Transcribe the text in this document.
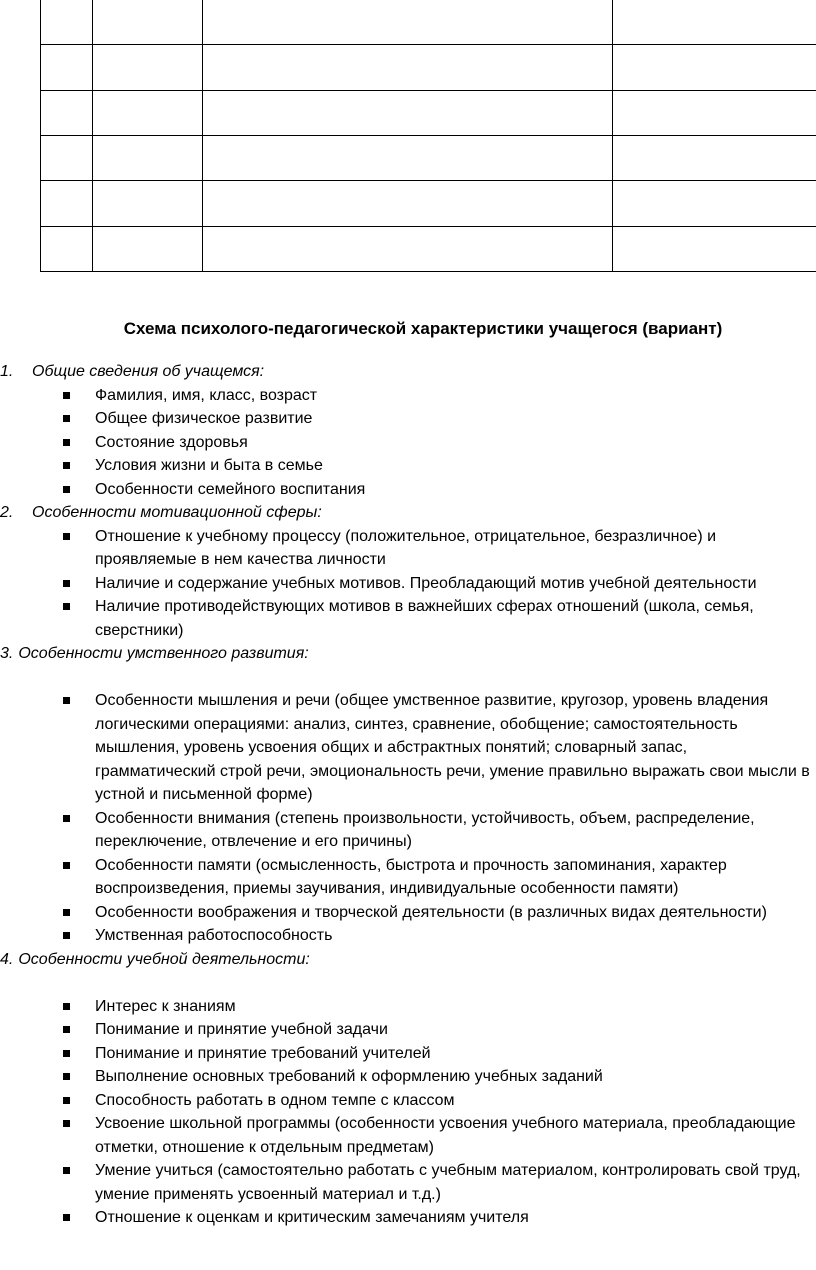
Схема психолого-педагогической характеристики учащегося (вариант)

1. Общие сведения об учащемся:

Фамилия, имя, класс, возраст
Общее физическое развитие
Состояние здоровья
Условия жизни и быта в семье
Особенности семейного воспитания

2. Особенности мотивационной сферы:

Отношение к учебному процессу (положительное, отрицательное, безразличное) и проявляемые в нем качества личности
Наличие и содержание учебных мотивов. Преобладающий мотив учебной деятельности
Наличие противодействующих мотивов в важнейших сферах отношений (школа, семья, сверстники)

3. Особенности умственного развития:

Особенности мышления и речи (общее умственное развитие, кругозор, уровень владения логическими операциями: анализ, синтез, сравнение, обобщение; самостоятельность мышления, уровень усвоения общих и абстрактных понятий; словарный запас, грамматический строй речи, эмоциональность речи, умение правильно выражать свои мысли в устной и письменной форме)
Особенности внимания (степень произвольности, устойчивость, объем, распределение, переключение, отвлечение и его причины)
Особенности памяти (осмысленность, быстрота и прочность запоминания, характер воспроизведения, приемы заучивания, индивидуальные особенности памяти)
Особенности воображения и творческой деятельности (в различных видах деятельности)
Умственная работоспособность

4. Особенности учебной деятельности:

Интерес к знаниям
Понимание и принятие учебной задачи
Понимание и принятие требований учителей
Выполнение основных требований к оформлению учебных заданий
Способность работать в одном темпе с классом
Усвоение школьной программы (особенности усвоения учебного материала, преобладающие отметки, отношение к отдельным предметам)
Умение учиться (самостоятельно работать с учебным материалом, контролировать свой труд, умение применять усвоенный материал и т.д.)
Отношение к оценкам и критическим замечаниям учителя
